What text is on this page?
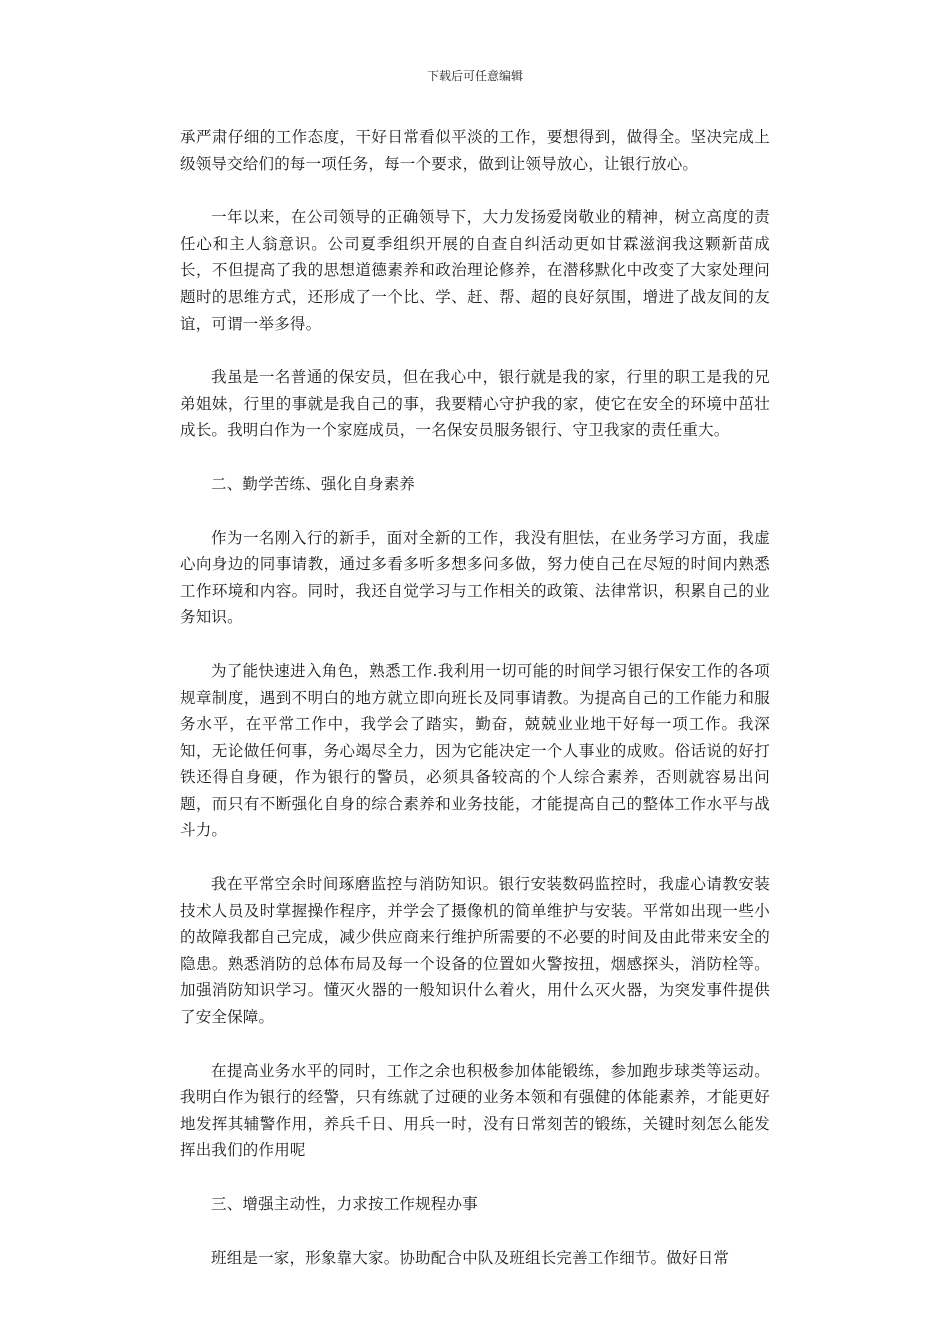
下载后可任意编辑

承严肃仔细的工作态度，干好日常看似平淡的工作，要想得到，做得全。坚决完成上级领导交给们的每一项任务，每一个要求，做到让领导放心，让银行放心。

一年以来，在公司领导的正确领导下，大力发扬爱岗敬业的精神，树立高度的责任心和主人翁意识。公司夏季组织开展的自查自纠活动更如甘霖滋润我这颗新苗成长，不但提高了我的思想道德素养和政治理论修养，在潜移默化中改变了大家处理问题时的思维方式，还形成了一个比、学、赶、帮、超的良好氛围，增进了战友间的友谊，可谓一举多得。

我虽是一名普通的保安员，但在我心中，银行就是我的家，行里的职工是我的兄弟姐妹，行里的事就是我自己的事，我要精心守护我的家，使它在安全的环境中茁壮成长。我明白作为一个家庭成员，一名保安员服务银行、守卫我家的责任重大。

二、勤学苦练、强化自身素养

作为一名刚入行的新手，面对全新的工作，我没有胆怯，在业务学习方面，我虚心向身边的同事请教，通过多看多听多想多问多做，努力使自己在尽短的时间内熟悉工作环境和内容。同时，我还自觉学习与工作相关的政策、法律常识，积累自己的业务知识。

为了能快速进入角色，熟悉工作.我利用一切可能的时间学习银行保安工作的各项规章制度，遇到不明白的地方就立即向班长及同事请教。为提高自己的工作能力和服务水平，在平常工作中，我学会了踏实，勤奋，兢兢业业地干好每一项工作。我深知，无论做任何事，务心竭尽全力，因为它能决定一个人事业的成败。俗话说的好打铁还得自身硬，作为银行的警员，必须具备较高的个人综合素养，否则就容易出问题，而只有不断强化自身的综合素养和业务技能，才能提高自己的整体工作水平与战斗力。

我在平常空余时间琢磨监控与消防知识。银行安装数码监控时，我虚心请教安装技术人员及时掌握操作程序，并学会了摄像机的简单维护与安装。平常如出现一些小的故障我都自己完成，减少供应商来行维护所需要的不必要的时间及由此带来安全的隐患。熟悉消防的总体布局及每一个设备的位置如火警按扭，烟感探头，消防栓等。加强消防知识学习。懂灭火器的一般知识什么着火，用什么灭火器，为突发事件提供了安全保障。

在提高业务水平的同时，工作之余也积极参加体能锻练，参加跑步球类等运动。我明白作为银行的经警，只有练就了过硬的业务本领和有强健的体能素养，才能更好地发挥其辅警作用，养兵千日、用兵一时，没有日常刻苦的锻练，关键时刻怎么能发挥出我们的作用呢

三、增强主动性，力求按工作规程办事

班组是一家，形象靠大家。协助配合中队及班组长完善工作细节。做好日常
